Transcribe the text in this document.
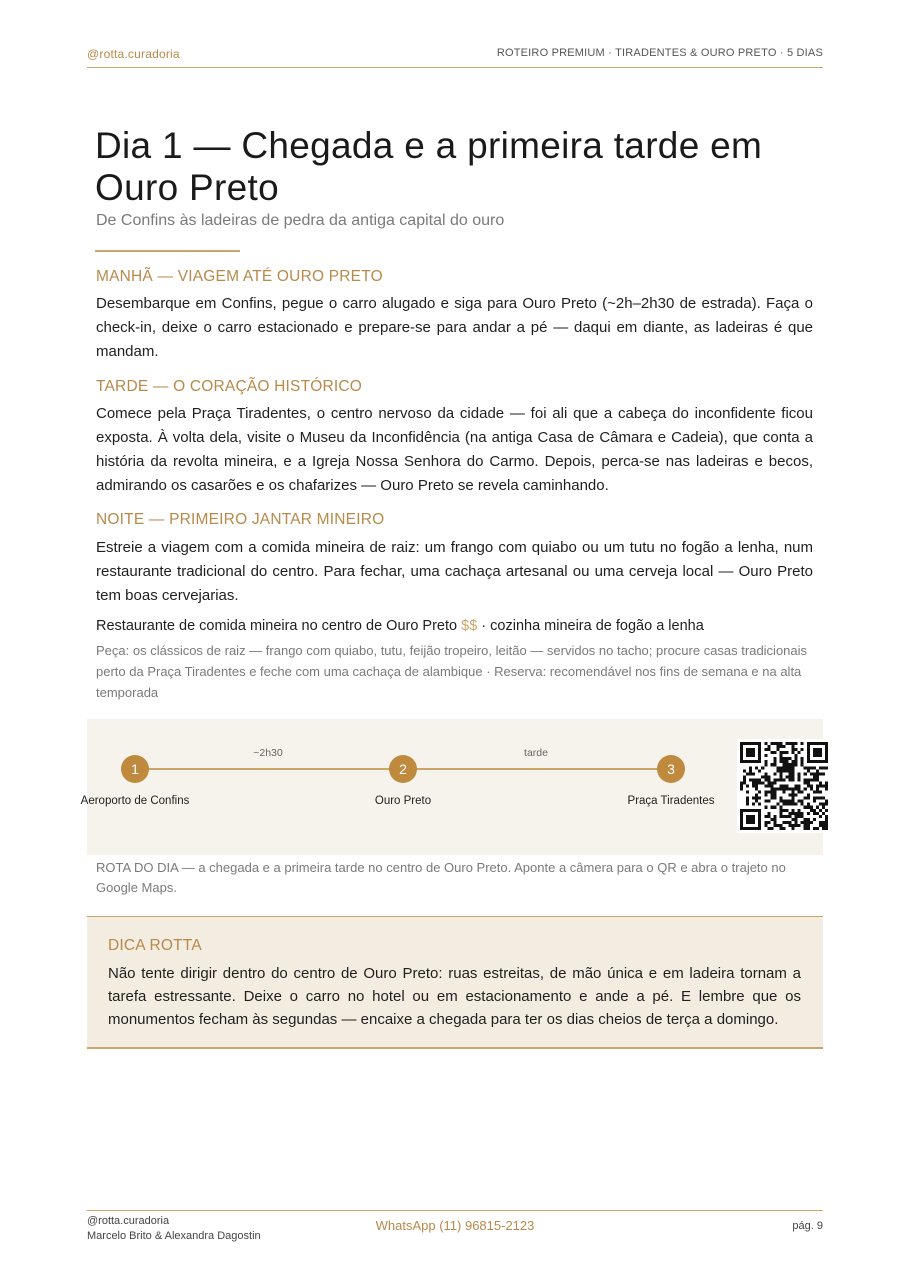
@rotta.curadoria	ROTEIRO PREMIUM · TIRADENTES & OURO PRETO · 5 DIAS
Dia 1 — Chegada e a primeira tarde em Ouro Preto
De Confins às ladeiras de pedra da antiga capital do ouro
MANHÃ — VIAGEM ATÉ OURO PRETO

Desembarque em Confins, pegue o carro alugado e siga para Ouro Preto (~2h–2h30 de estrada). Faça o check-in, deixe o carro estacionado e prepare-se para andar a pé — daqui em diante, as ladeiras é que mandam.

TARDE — O CORAÇÃO HISTÓRICO

Comece pela Praça Tiradentes, o centro nervoso da cidade — foi ali que a cabeça do inconfidente ficou exposta. À volta dela, visite o Museu da Inconfidência (na antiga Casa de Câmara e Cadeia), que conta a história da revolta mineira, e a Igreja Nossa Senhora do Carmo. Depois, perca-se nas ladeiras e becos, admirando os casarões e os chafarizes — Ouro Preto se revela caminhando.

NOITE — PRIMEIRO JANTAR MINEIRO

Estreie a viagem com a comida mineira de raiz: um frango com quiabo ou um tutu no fogão a lenha, num restaurante tradicional do centro. Para fechar, uma cachaça artesanal ou uma cerveja local — Ouro Preto tem boas cervejarias.

Restaurante de comida mineira no centro de Ouro Preto $$ · cozinha mineira de fogão a lenha
Peça: os clássicos de raiz — frango com quiabo, tutu, feijão tropeiro, leitão — servidos no tacho; procure casas tradicionais perto da Praça Tiradentes e feche com uma cachaça de alambique · Reserva: recomendável nos fins de semana e na alta temporada
~2h30	tarde
1	2	3
Aeroporto de Confins	Ouro Preto	Praça Tiradentes
ROTA DO DIA — a chegada e a primeira tarde no centro de Ouro Preto. Aponte a câmera para o QR e abra o trajeto no Google Maps.
DICA ROTTA

Não tente dirigir dentro do centro de Ouro Preto: ruas estreitas, de mão única e em ladeira tornam a tarefa estressante. Deixe o carro no hotel ou em estacionamento e ande a pé. E lembre que os monumentos fecham às segundas — encaixe a chegada para ter os dias cheios de terça a domingo.

@rotta.curadoria
Marcelo Brito & Alexandra Dagostin
WhatsApp (11) 96815-2123	pág. 9
